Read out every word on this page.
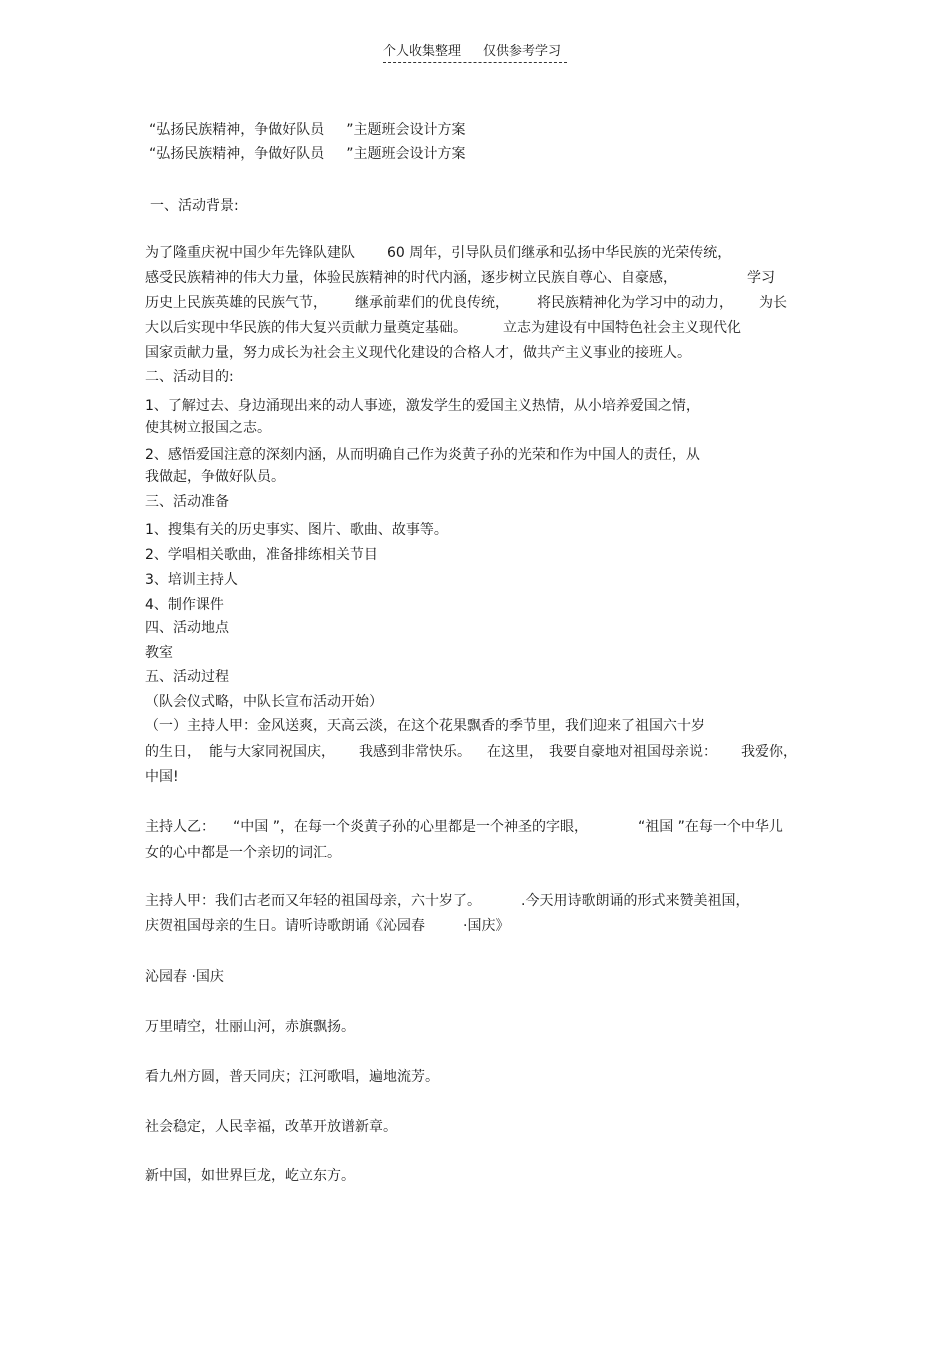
个人收集整理 仅供参考学习
“弘扬民族精神，争做好队员 ”主题班会设计方案
“弘扬民族精神，争做好队员 ”主题班会设计方案
一、活动背景:
为了隆重庆祝中国少年先锋队建队 60 周年，引导队员们继承和弘扬中华民族的光荣传统，
感受民族精神的伟大力量，体验民族精神的时代内涵，逐步树立民族自尊心、自豪感，	学习
历史上民族英雄的民族气节， 继承前辈们的优良传统， 将民族精神化为学习中的动力， 为长
大以后实现中华民族的伟大复兴贡献力量奠定基础。	立志为建设有中国特色社会主义现代化
国家贡献力量，努力成长为社会主义现代化建设的合格人才，做共产主义事业的接班人。
二、活动目的:
1、了解过去、身边涌现出来的动人事迹，激发学生的爱国主义热情，从小培养爱国之情，
使其树立报国之志。
2、感悟爱国注意的深刻内涵，从而明确自己作为炎黄子孙的光荣和作为中国人的责任，从
我做起，争做好队员。
三、活动准备
1、搜集有关的历史事实、图片、歌曲、故事等。
2、学唱相关歌曲，准备排练相关节目
3、培训主持人
4、制作课件
四、活动地点
教室
五、活动过程
（队会仪式略，中队长宣布活动开始）
（一）主持人甲：金风送爽，天高云淡，在这个花果飘香的季节里，我们迎来了祖国六十岁
的生日， 能与大家同祝国庆， 我感到非常快乐。 在这里， 我要自豪地对祖国母亲说： 我爱你，
中国!
主持人乙： “中国 ”，在每一个炎黄子孙的心里都是一个神圣的字眼，	“祖国 ”在每一个中华儿
女的心中都是一个亲切的词汇。
主持人甲：我们古老而又年轻的祖国母亲，六十岁了。	.今天用诗歌朗诵的形式来赞美祖国，
庆贺祖国母亲的生日。请听诗歌朗诵《沁园春	·国庆》
沁园春 ·国庆
万里晴空，壮丽山河，赤旗飘扬。
看九州方圆，普天同庆；江河歌唱，遍地流芳。
社会稳定，人民幸福，改革开放谱新章。
新中国，如世界巨龙，屹立东方。
